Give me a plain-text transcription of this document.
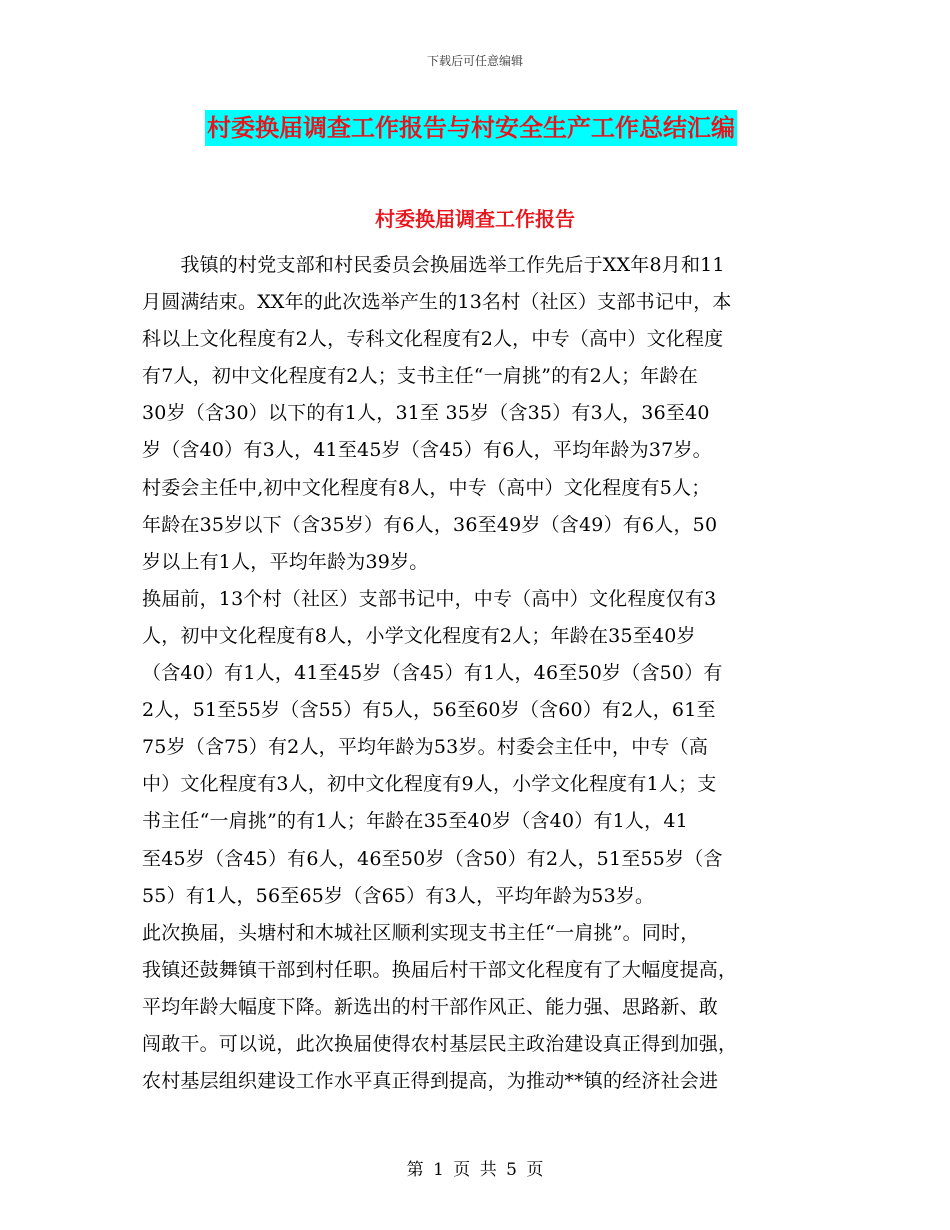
下载后可任意编辑
村委换届调查工作报告与村安全生产工作总结汇编
村委换届调查工作报告
　　我镇的村党支部和村民委员会换届选举工作先后于XX年8月和11
月圆满结束。XX年的此次选举产生的13名村（社区）支部书记中，本
科以上文化程度有2人，专科文化程度有2人，中专（高中）文化程度
有7人，初中文化程度有2人；支书主任“一肩挑”的有2人；年龄在
30岁（含30）以下的有1人，31至 35岁（含35）有3人，36至40
岁（含40）有3人，41至45岁（含45）有6人，平均年龄为37岁。
村委会主任中,初中文化程度有8人，中专（高中）文化程度有5人；
年龄在35岁以下（含35岁）有6人，36至49岁（含49）有6人，50
岁以上有1人，平均年龄为39岁。
换届前，13个村（社区）支部书记中，中专（高中）文化程度仅有3
人，初中文化程度有8人，小学文化程度有2人；年龄在35至40岁
（含40）有1人，41至45岁（含45）有1人，46至50岁（含50）有
2人，51至55岁（含55）有5人，56至60岁（含60）有2人，61至
75岁（含75）有2人，平均年龄为53岁。村委会主任中，中专（高
中）文化程度有3人，初中文化程度有9人，小学文化程度有1人；支
书主任“一肩挑”的有1人；年龄在35至40岁（含40）有1人，41
至45岁（含45）有6人，46至50岁（含50）有2人，51至55岁（含
55）有1人，56至65岁（含65）有3人，平均年龄为53岁。
此次换届，头塘村和木城社区顺利实现支书主任“一肩挑”。同时，
我镇还鼓舞镇干部到村任职。换届后村干部文化程度有了大幅度提高，
平均年龄大幅度下降。新选出的村干部作风正、能力强、思路新、敢
闯敢干。可以说，此次换届使得农村基层民主政治建设真正得到加强，
农村基层组织建设工作水平真正得到提高，为推动**镇的经济社会进
第 1 页 共 5 页
